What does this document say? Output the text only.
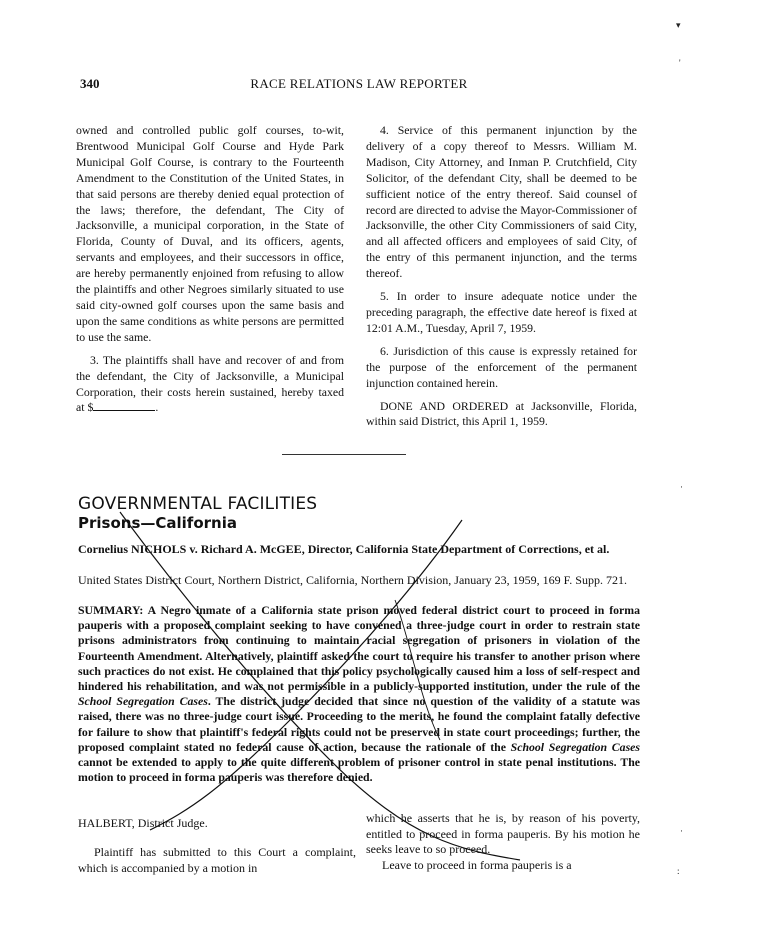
340	RACE RELATIONS LAW REPORTER

owned and controlled public golf courses, to-wit, Brentwood Municipal Golf Course and Hyde Park Municipal Golf Course, is contrary to the Fourteenth Amendment to the Constitution of the United States, in that said persons are thereby denied equal protection of the laws; therefore, the defendant, The City of Jacksonville, a municipal corporation, in the State of Florida, County of Duval, and its officers, agents, servants and employees, and their successors in office, are hereby permanently enjoined from refusing to allow the plaintiffs and other Negroes similarly situated to use said city-owned golf courses upon the same basis and upon the same conditions as white persons are permitted to use the same.

3. The plaintiffs shall have and recover of and from the defendant, the City of Jacksonville, a Municipal Corporation, their costs herein sustained, hereby taxed at $	.

4. Service of this permanent injunction by the delivery of a copy thereof to Messrs. William M. Madison, City Attorney, and Inman P. Crutchfield, City Solicitor, of the defendant City, shall be deemed to be sufficient notice of the entry thereof. Said counsel of record are directed to advise the Mayor-Commissioner of Jacksonville, the other City Commissioners of said City, and all affected officers and employees of said City, of the entry of this permanent injunction, and the terms thereof.

5. In order to insure adequate notice under the preceding paragraph, the effective date hereof is fixed at 12:01 A.M., Tuesday, April 7, 1959.

6. Jurisdiction of this cause is expressly retained for the purpose of the enforcement of the permanent injunction contained herein.

DONE AND ORDERED at Jacksonville, Florida, within said District, this April 1, 1959.

GOVERNMENTAL FACILITIES
Prisons—California
Cornelius NICHOLS v. Richard A. McGEE, Director, California State Department of Corrections, et al.
United States District Court, Northern District, California, Northern Division, January 23, 1959, 169 F. Supp. 721.
SUMMARY: A Negro inmate of a California state prison moved federal district court to proceed in forma pauperis with a proposed complaint seeking to have convened a three-judge court in order to restrain state prisons administrators from continuing to maintain racial segregation of prisoners in violation of the Fourteenth Amendment. Alternatively, plaintiff asked the court to require his transfer to another prison where such practices do not exist. He complained that this policy psychologically caused him a loss of self-respect and hindered his rehabilitation, and was not permissible in a publicly-supported institution, under the rule of the School Segregation Cases. The district judge decided that since no question of the validity of a statute was raised, there was no three-judge court issue. Proceeding to the merits, he found the complaint fatally defective for failure to show that plaintiff's federal rights could not be preserved in state court proceedings; further, the proposed complaint stated no federal cause of action, because the rationale of the School Segregation Cases cannot be extended to apply to the quite different problem of prisoner control in state penal institutions. The motion to proceed in forma pauperis was therefore denied.
HALBERT, District Judge.
Plaintiff has submitted to this Court a complaint, which is accompanied by a motion in

which he asserts that he is, by reason of his poverty, entitled to proceed in forma pauperis. By his motion he seeks leave to so proceed.

Leave to proceed in forma pauperis is a

▾
'
·
·
:
